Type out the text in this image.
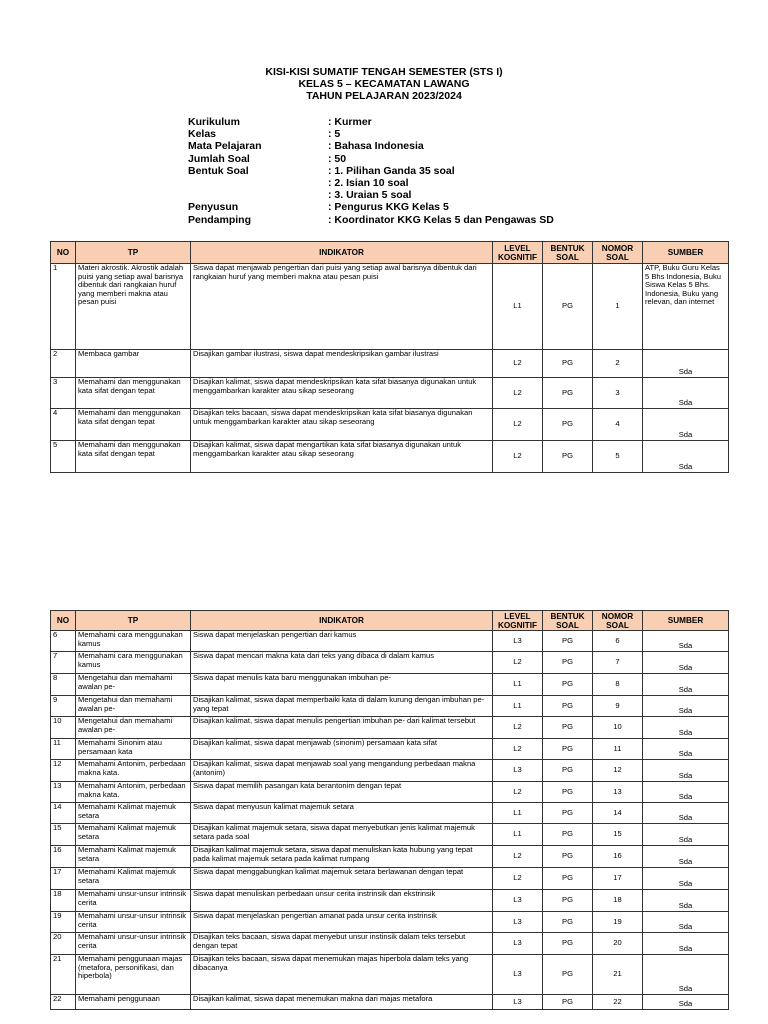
KISI-KISI SUMATIF TENGAH SEMESTER (STS I)
KELAS 5 – KECAMATAN LAWANG
TAHUN PELAJARAN 2023/2024
Kurikulum	: Kurmer
Kelas	: 5
Mata Pelajaran	: Bahasa Indonesia
Jumlah Soal	: 50
Bentuk Soal	: 1. Pilihan Ganda 35 soal
: 2. Isian 10 soal
: 3. Uraian 5 soal
Penyusun	: Pengurus KKG Kelas 5
Pendamping	: Koordinator KKG Kelas 5 dan Pengawas SD
NO	TP	INDIKATOR	LEVEL KOGNITIF	BENTUK SOAL	NOMOR SOAL	SUMBER
1	Materi akrostik. Akrostik adalah puisi yang setiap awal barisnya dibentuk dari rangkaian huruf yang memberi makna atau pesan puisi	Siswa dapat menjawab pengertian dari puisi yang setiap awal barisnya dibentuk dari rangkaian huruf yang memberi makna atau pesan puisi	L1	PG	1	ATP, Buku Guru Kelas 5 Bhs Indonesia, Buku Siswa Kelas 5 Bhs. Indonesia, Buku yang relevan, dan internet
2	Membaca gambar	Disajikan gambar ilustrasi, siswa dapat mendeskripsikan gambar ilustrasi	L2	PG	2	Sda
3	Memahami dan menggunakan kata sifat dengan tepat	Disajikan kalimat, siswa dapat mendeskripsikan kata sifat biasanya digunakan untuk menggambarkan karakter atau sikap seseorang	L2	PG	3	Sda
4	Memahami dan menggunakan kata sifat dengan tepat	Disajikan teks bacaan, siswa dapat mendeskripsikan kata sifat biasanya digunakan untuk menggambarkan karakter atau sikap seseorang	L2	PG	4	Sda
5	Memahami dan menggunakan kata sifat dengan tepat	Disajikan kalimat, siswa dapat mengartikan kata sifat biasanya digunakan untuk menggambarkan karakter atau sikap seseorang	L2	PG	5	Sda
NO	TP	INDIKATOR	LEVEL KOGNITIF	BENTUK SOAL	NOMOR SOAL	SUMBER
6	Memahami cara menggunakan kamus	Siswa dapat menjelaskan pengertian dari kamus	L3	PG	6	Sda
7	Memahami cara menggunakan kamus	Siswa dapat mencari makna kata dari teks yang dibaca di dalam kamus	L2	PG	7	Sda
8	Mengetahui dan memahami awalan pe-	Siswa dapat menulis kata baru menggunakan imbuhan pe-	L1	PG	8	Sda
9	Mengetahui dan memahami awalan pe-	Disajikan kalimat, siswa dapat memperbaiki kata di dalam kurung dengan imbuhan pe- yang tepat	L1	PG	9	Sda
10	Mengetahui dan memahami awalan pe-	Disajikan kalimat, siswa dapat menulis pengertian imbuhan pe- dari kalimat tersebut	L2	PG	10	Sda
11	Memahami Sinonim atau persamaan kata	Disajikan kalimat, siswa dapat menjawab (sinonim) persamaan kata sifat	L2	PG	11	Sda
12	Memahami Antonim, perbedaan makna kata.	Disajikan kalimat, siswa dapat menjawab soal yang mengandung perbedaan makna (antonim)	L3	PG	12	Sda
13	Memahami Antonim, perbedaan makna kata.	Siswa dapat memilih pasangan kata berantonim dengan tepat	L2	PG	13	Sda
14	Memahami Kalimat majemuk setara	Siswa dapat menyusun kalimat majemuk setara	L1	PG	14	Sda
15	Memahami Kalimat majemuk setara	Disajikan kalimat majemuk setara, siswa dapat menyebutkan jenis kalimat majemuk setara pada soal	L1	PG	15	Sda
16	Memahami Kalimat majemuk setara	Disajikan kalimat majemuk setara, siswa dapat menuliskan kata hubung yang tepat pada kalimat majemuk setara pada kalimat rumpang	L2	PG	16	Sda
17	Memahami Kalimat majemuk setara	Siswa dapat menggabungkan kalimat majemuk setara berlawanan dengan tepat	L2	PG	17	Sda
18	Memahami unsur-unsur intrinsik cerita	Siswa dapat menuliskan perbedaan unsur cerita instrinsik dan ekstrinsik	L3	PG	18	Sda
19	Memahami unsur-unsur intrinsik cerita	Siswa dapat menjelaskan pengertian amanat pada unsur cerita instrinsik	L3	PG	19	Sda
20	Memahami unsur-unsur intrinsik cerita	Disajikan teks bacaan, siswa dapat menyebut unsur instinsik dalam teks tersebut dengan tepat	L3	PG	20	Sda
21	Memahami penggunaan majas (metafora, personifikasi, dan hiperbola)	Disajikan teks bacaan, siswa dapat menemukan majas hiperbola dalam teks yang dibacanya	L3	PG	21	Sda
22	Memahami penggunaan	Disajikan kalimat, siswa dapat menemukan makna dari majas metafora	L3	PG	22	Sda
